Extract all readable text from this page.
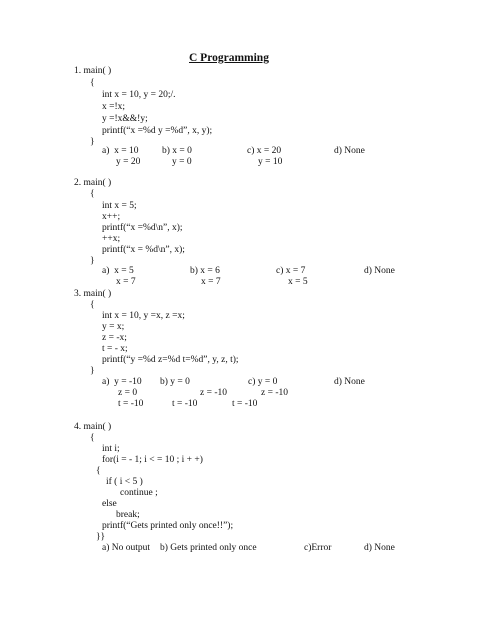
C Programming
1. main( )
{
int x = 10, y = 20;/.
x =!x;
y =!x&&!y;
printf(“x =%d y =%d”, x, y);
}
a)  x = 10
y = 20
b) x = 0
y = 0
c) x = 20
y = 10
d) None
2. main( )
{
int x = 5;
x++;
printf(“x =%d\n”, x);
++x;
printf(“x = %d\n”, x);
}
a)  x = 5
x = 7
b) x = 6
x = 7
c) x = 7
x = 5
d) None
3. main( )
{
int x = 10, y =x, z =x;
y = x;
z = -x;
t = - x;
printf(“y =%d z=%d t=%d”, y, z, t);
}
a)  y = -10
z = 0
t = -10
b) y = 0
z = -10
t = -10
c) y = 0
z = -10
t = -10
d) None
4. main( )
{
int i;
for(i = - 1; i < = 10 ; i + +)
{
if ( i < 5 )
continue ;
else
break;
printf(“Gets printed only once!!”);
}}
a) No output b) Gets printed only once	c)Error	d) None
